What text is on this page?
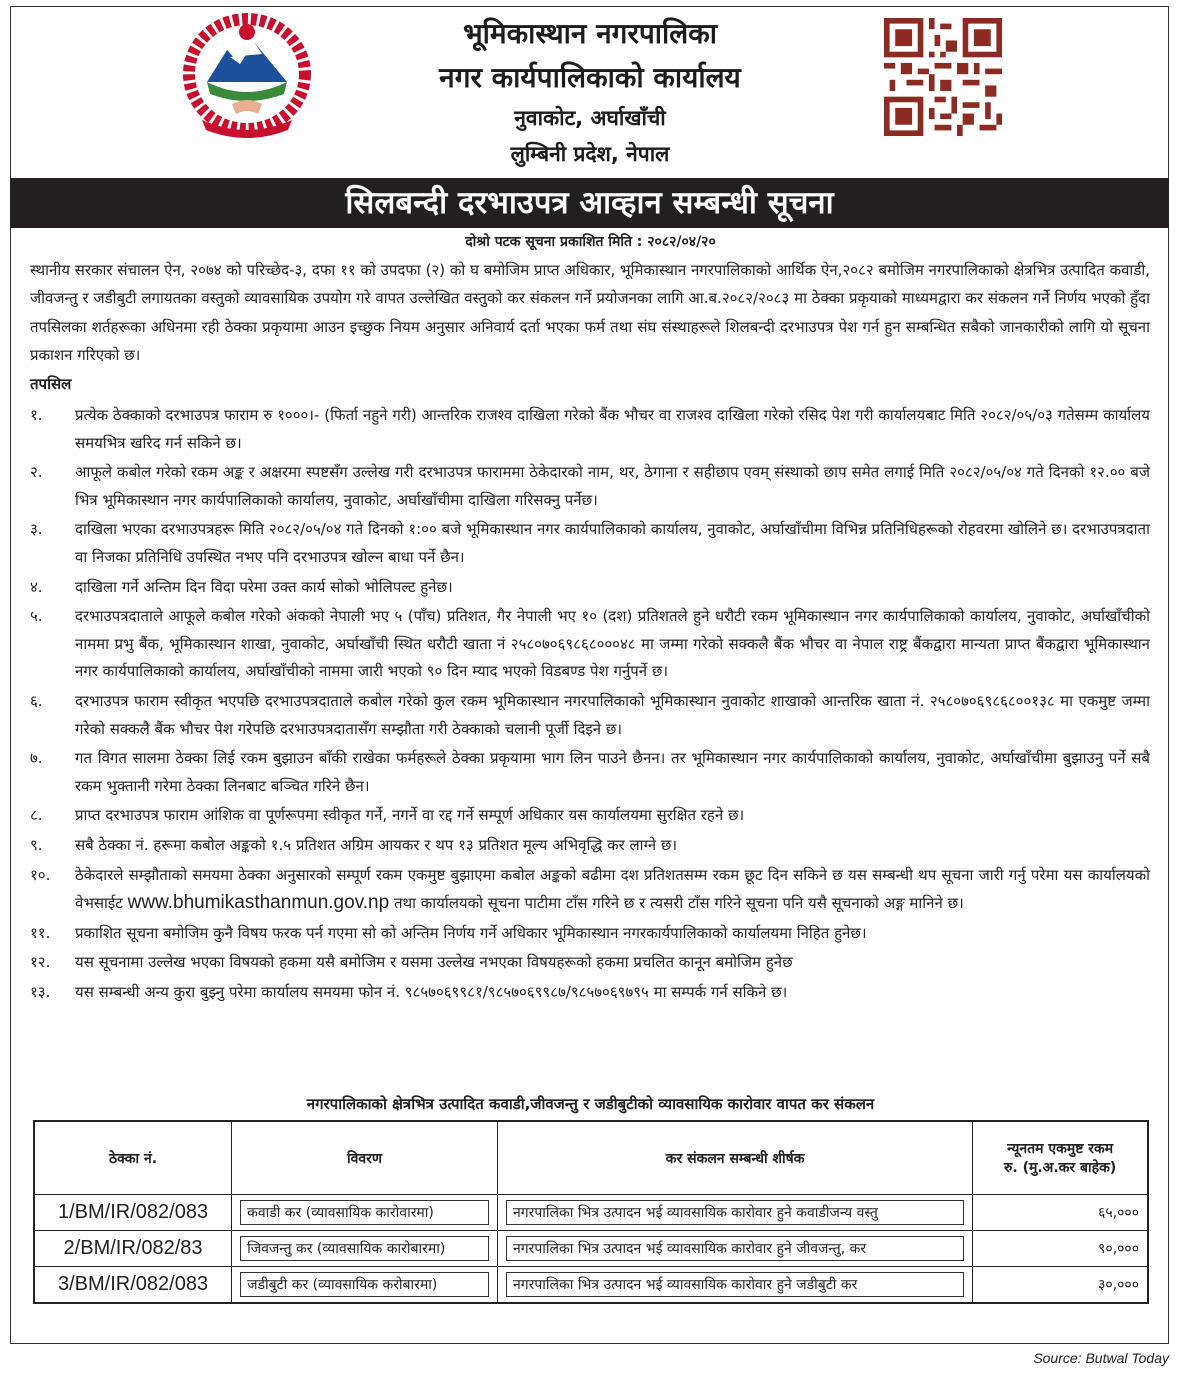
भूमिकास्थान नगरपालिका
नगर कार्यपालिकाको कार्यालय
नुवाकोट, अर्घाखाँची
लुम्बिनी प्रदेश, नेपाल
सिलबन्दी दरभाउपत्र आव्हान सम्बन्धी सूचना
दोश्रो पटक सूचना प्रकाशित मिति : २०८२/०४/२०
स्थानीय सरकार संचालन ऐन, २०७४ को परिच्छेद-३, दफा ११ को उपदफा (२) को घ बमोजिम प्राप्त अधिकार, भूमिकास्थान नगरपालिकाको आर्थिक ऐन,२०८२ बमोजिम नगरपालिकाको क्षेत्रभित्र उत्पादित कवाडी, जीवजन्तु र जडीबुटी लगायतका वस्तुको व्यावसायिक उपयोग गरे वापत उल्लेखित वस्तुको कर संकलन गर्ने प्रयोजनका लागि आ.ब.२०८२/२०८३ मा ठेक्का प्रकृयाको माध्यमद्वारा कर संकलन गर्ने निर्णय भएको हुँदा तपसिलका शर्तहरूका अधिनमा रही ठेक्का प्रकृयामा आउन इच्छुक नियम अनुसार अनिवार्य दर्ता भएका फर्म तथा संघ संस्थाहरूले शिलबन्दी दरभाउपत्र पेश गर्न हुन सम्बन्धित सबैको जानकारीको लागि यो सूचना प्रकाशन गरिएको छ।
तपसिल
१.	प्रत्येक ठेक्काको दरभाउपत्र फाराम रु १०००।- (फिर्ता नहुने गरी) आन्तरिक राजश्व दाखिला गरेको बैंक भौचर वा राजश्व दाखिला गरेको रसिद पेश गरी कार्यालयबाट मिति २०८२/०५/०३ गतेसम्म कार्यालय समयभित्र खरिद गर्न सकिने छ।
२.	आफूले कबोल गरेको रकम अङ्क र अक्षरमा स्पष्टसँग उल्लेख गरी दरभाउपत्र फाराममा ठेकेदारको नाम, थर, ठेगाना र सहीछाप एवम् संस्थाको छाप समेत लगाई मिति २०८२/०५/०४ गते दिनको १२.०० बजे भित्र भूमिकास्थान नगर कार्यपालिकाको कार्यालय, नुवाकोट, अर्घाखाँचीमा दाखिला गरिसक्नु पर्नेछ।
३.	दाखिला भएका दरभाउपत्रहरू मिति २०८२/०५/०४ गते दिनको १:०० बजे भूमिकास्थान नगर कार्यपालिकाको कार्यालय, नुवाकोट, अर्घाखाँचीमा विभिन्न प्रतिनिधिहरूको रोहवरमा खोलिने छ। दरभाउपत्रदाता वा निजका प्रतिनिधि उपस्थित नभए पनि दरभाउपत्र खोल्न बाधा पर्ने छैन।
४.	दाखिला गर्ने अन्तिम दिन विदा परेमा उक्त कार्य सोको भोलिपल्ट हुनेछ।
५.	दरभाउपत्रदाताले आफूले कबोल गरेको अंकको नेपाली भए ५ (पाँच) प्रतिशत, गैर नेपाली भए १० (दश) प्रतिशतले हुने धरौटी रकम भूमिकास्थान नगर कार्यपालिकाको कार्यालय, नुवाकोट, अर्घाखाँचीको नाममा प्रभु बैंक, भूमिकास्थान शाखा, नुवाकोट, अर्घाखाँची स्थित धरौटी खाता नं २५८०७०६९८६८०००४८ मा जम्मा गरेको सक्कलै बैंक भौचर वा नेपाल राष्ट्र बैंकद्वारा मान्यता प्राप्त बैंकद्वारा भूमिकास्थान नगर कार्यपालिकाको कार्यालय, अर्घाखाँचीको नाममा जारी भएको ९० दिन म्याद भएको विडबण्ड पेश गर्नुपर्ने छ।
६.	दरभाउपत्र फाराम स्वीकृत भएपछि दरभाउपत्रदाताले कबोल गरेको कुल रकम भूमिकास्थान नगरपालिकाको भूमिकास्थान नुवाकोट शाखाको आन्तरिक खाता नं. २५८०७०६९८६८००१३८ मा एकमुष्ट जम्मा गरेको सक्कलै बैंक भौचर पेश गरेपछि दरभाउपत्रदातासँग सम्झौता गरी ठेक्काको चलानी पूर्जी दिइने छ।
७.	गत विगत सालमा ठेक्का लिई रकम बुझाउन बाँकी राखेका फर्महरूले ठेक्का प्रकृयामा भाग लिन पाउने छैनन। तर भूमिकास्थान नगर कार्यपालिकाको कार्यालय, नुवाकोट, अर्घाखाँचीमा बुझाउनु पर्ने सबै रकम भुक्तानी गरेमा ठेक्का लिनबाट बञ्चित गरिने छैन।
८.	प्राप्त दरभाउपत्र फाराम आंशिक वा पूर्णरूपमा स्वीकृत गर्ने, नगर्ने वा रद्द गर्ने सम्पूर्ण अधिकार यस कार्यालयमा सुरक्षित रहने छ।
९.	सबै ठेक्का नं. हरूमा कबोल अङ्कको १.५ प्रतिशत अग्रिम आयकर र थप १३ प्रतिशत मूल्य अभिवृद्धि कर लाग्ने छ।
१०.	ठेकेदारले सम्झौताको समयमा ठेक्का अनुसारको सम्पूर्ण रकम एकमुष्ट बुझाएमा कबोल अङ्कको बढीमा दश प्रतिशतसम्म रकम छूट दिन सकिने छ यस सम्बन्धी थप सूचना जारी गर्नु परेमा यस कार्यालयको वेभसाईट www.bhumikasthanmun.gov.np तथा कार्यालयको सूचना पाटीमा टाँस गरिने छ र त्यसरी टाँस गरिने सूचना पनि यसै सूचनाको अङ्ग मानिने छ।
११.	प्रकाशित सूचना बमोजिम कुनै विषय फरक पर्न गएमा सो को अन्तिम निर्णय गर्ने अधिकार भूमिकास्थान नगरकार्यपालिकाको कार्यालयमा निहित हुनेछ।
१२.	यस सूचनामा उल्लेख भएका विषयको हकमा यसै बमोजिम र यसमा उल्लेख नभएका विषयहरूको हकमा प्रचलित कानून बमोजिम हुनेछ
१३.	यस सम्बन्धी अन्य कुरा बुझ्नु परेमा कार्यालय समयमा फोन नं. ९८५७०६९९८१/९८५७०६९९८७/९८५७०६९७९५ मा सम्पर्क गर्न सकिने छ।
नगरपालिकाको क्षेत्रभित्र उत्पादित कवाडी,जीवजन्तु र जडीबुटीको व्यावसायिक कारोवार वापत कर संकलन
ठेक्का नं.	विवरण	कर संकलन सम्बन्धी शीर्षक	न्यूनतम एकमुष्ट रकम
रु. (मु.अ.कर बाहेक)
1/BM/IR/082/083	कवाडी कर (व्यावसायिक कारोवारमा)	नगरपालिका भित्र उत्पादन भई व्यावसायिक कारोवार हुने कवाडीजन्य वस्तु	६५,०००
2/BM/IR/082/83	जिवजन्तु कर (व्यावसायिक कारोबारमा)	नगरपालिका भित्र उत्पादन भई व्यावसायिक कारोवार हुने जीवजन्तु, कर	९०,०००
3/BM/IR/082/083	जडीबुटी कर (व्यावसायिक करोबारमा)	नगरपालिका भित्र उत्पादन भई व्यावसायिक कारोवार हुने जडीबुटी कर	३०,०००
Source: Butwal Today
